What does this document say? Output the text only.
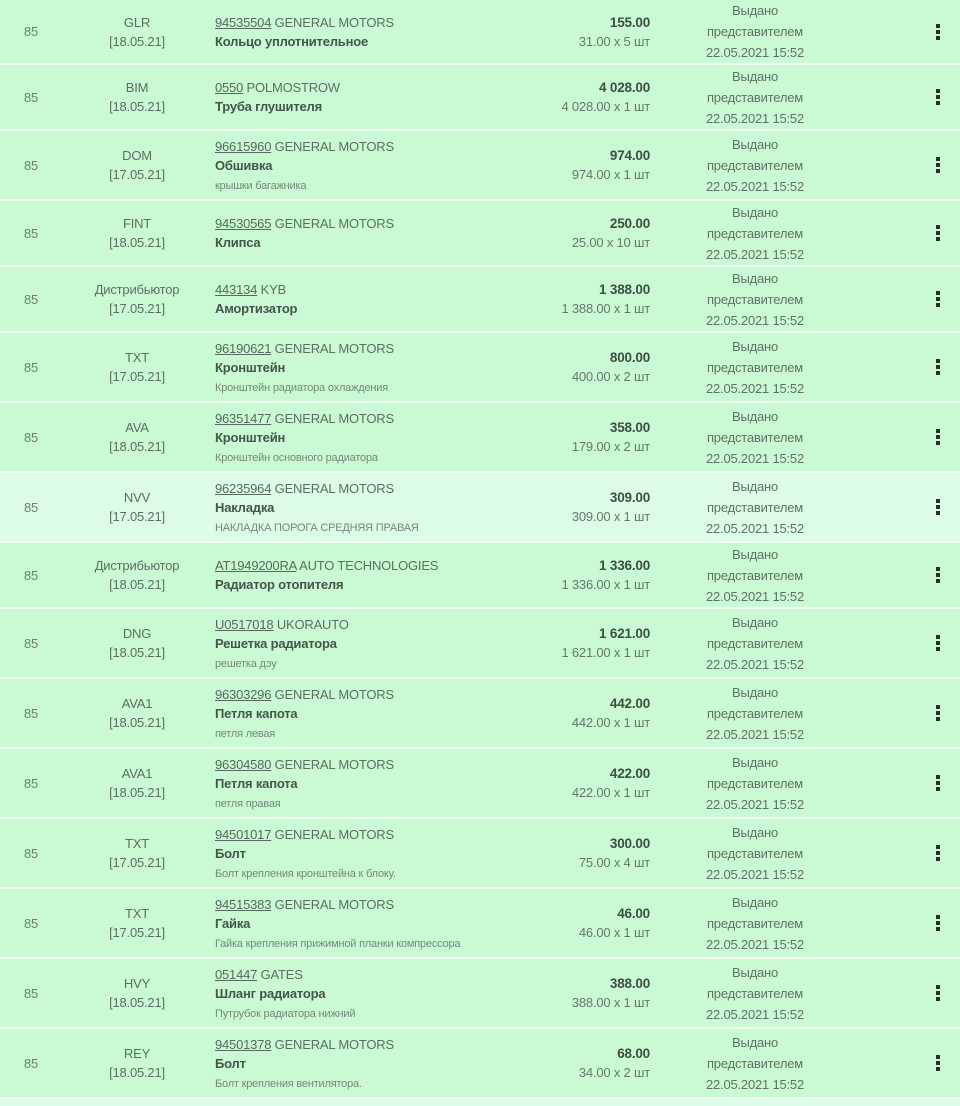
85
GLR
[18.05.21]
94535504 GENERAL MOTORS
Кольцо уплотнительное
155.00
31.00 x 5 шт
Выдано
представителем
22.05.2021 15:52
85
BIM
[18.05.21]
0550 POLMOSTROW
Труба глушителя
4 028.00
4 028.00 x 1 шт
Выдано
представителем
22.05.2021 15:52
85
DOM
[17.05.21]
96615960 GENERAL MOTORS
Обшивка
крышки багажника
974.00
974.00 x 1 шт
Выдано
представителем
22.05.2021 15:52
85
FINT
[18.05.21]
94530565 GENERAL MOTORS
Клипса
250.00
25.00 x 10 шт
Выдано
представителем
22.05.2021 15:52
85
Дистрибьютор
[17.05.21]
443134 KYB
Амортизатор
1 388.00
1 388.00 x 1 шт
Выдано
представителем
22.05.2021 15:52
85
TXT
[17.05.21]
96190621 GENERAL MOTORS
Кронштейн
Кронштейн радиатора охлаждения
800.00
400.00 x 2 шт
Выдано
представителем
22.05.2021 15:52
85
AVA
[18.05.21]
96351477 GENERAL MOTORS
Кронштейн
Кронштейн основного радиатора
358.00
179.00 x 2 шт
Выдано
представителем
22.05.2021 15:52
85
NVV
[17.05.21]
96235964 GENERAL MOTORS
Накладка
НАКЛАДКА ПОРОГА СРЕДНЯЯ ПРАВАЯ
309.00
309.00 x 1 шт
Выдано
представителем
22.05.2021 15:52
85
Дистрибьютор
[18.05.21]
AT1949200RA AUTO TECHNOLOGIES
Радиатор отопителя
1 336.00
1 336.00 x 1 шт
Выдано
представителем
22.05.2021 15:52
85
DNG
[18.05.21]
U0517018 UKORAUTO
Решетка радиатора
решетка дэу
1 621.00
1 621.00 x 1 шт
Выдано
представителем
22.05.2021 15:52
85
AVA1
[18.05.21]
96303296 GENERAL MOTORS
Петля капота
петля левая
442.00
442.00 x 1 шт
Выдано
представителем
22.05.2021 15:52
85
AVA1
[18.05.21]
96304580 GENERAL MOTORS
Петля капота
петля правая
422.00
422.00 x 1 шт
Выдано
представителем
22.05.2021 15:52
85
TXT
[17.05.21]
94501017 GENERAL MOTORS
Болт
Болт крепления кронштейна к блоку.
300.00
75.00 x 4 шт
Выдано
представителем
22.05.2021 15:52
85
TXT
[17.05.21]
94515383 GENERAL MOTORS
Гайка
Гайка крепления прижимной планки компрессора
46.00
46.00 x 1 шт
Выдано
представителем
22.05.2021 15:52
85
HVY
[18.05.21]
051447 GATES
Шланг радиатора
Путрубок радиатора нижний
388.00
388.00 x 1 шт
Выдано
представителем
22.05.2021 15:52
85
REY
[18.05.21]
94501378 GENERAL MOTORS
Болт
Болт крепления вентилятора.
68.00
34.00 x 2 шт
Выдано
представителем
22.05.2021 15:52
